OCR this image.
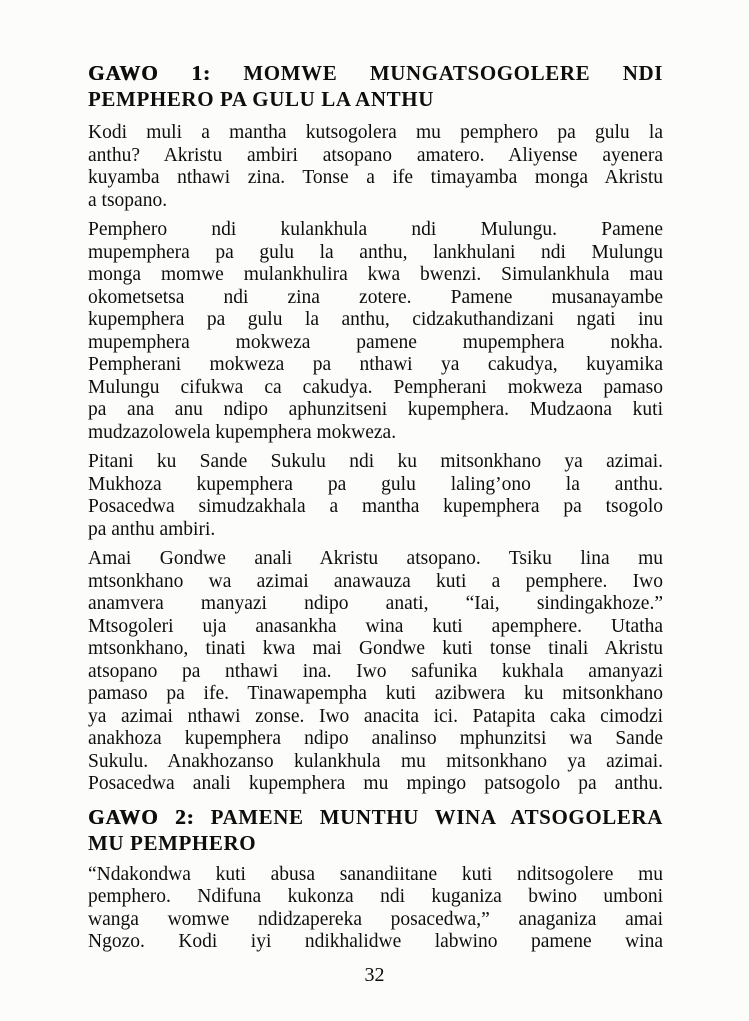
GAWO 1: MOMWE MUNGATSOGOLERE NDI
PEMPHERO PA GULU LA ANTHU
Kodi muli a mantha kutsogolera mu pemphero pa gulu la
anthu? Akristu ambiri atsopano amatero. Aliyense ayenera
kuyamba nthawi zina. Tonse a ife timayamba monga Akristu
a tsopano.
Pemphero ndi kulankhula ndi Mulungu. Pamene
mupemphera pa gulu la anthu, lankhulani ndi Mulungu
monga momwe mulankhulira kwa bwenzi. Simulankhula mau
okometsetsa ndi zina zotere. Pamene musanayambe
kupemphera pa gulu la anthu, cidzakuthandizani ngati inu
mupemphera mokweza pamene mupemphera nokha.
Pempherani mokweza pa nthawi ya cakudya, kuyamika
Mulungu cifukwa ca cakudya. Pempherani mokweza pamaso
pa ana anu ndipo aphunzitseni kupemphera. Mudzaona kuti
mudzazolowela kupemphera mokweza.
Pitani ku Sande Sukulu ndi ku mitsonkhano ya azimai.
Mukhoza kupemphera pa gulu laling’ono la anthu.
Posacedwa simudzakhala a mantha kupemphera pa tsogolo
pa anthu ambiri.
Amai Gondwe anali Akristu atsopano. Tsiku lina mu
mtsonkhano wa azimai anawauza kuti a pemphere. Iwo
anamvera manyazi ndipo anati, “Iai, sindingakhoze.”
Mtsogoleri uja anasankha wina kuti apemphere. Utatha
mtsonkhano, tinati kwa mai Gondwe kuti tonse tinali Akristu
atsopano pa nthawi ina. Iwo safunika kukhala amanyazi
pamaso pa ife. Tinawapempha kuti azibwera ku mitsonkhano
ya azimai nthawi zonse. Iwo anacita ici. Patapita caka cimodzi
anakhoza kupemphera ndipo analinso mphunzitsi wa Sande
Sukulu. Anakhozanso kulankhula mu mitsonkhano ya azimai.
Posacedwa anali kupemphera mu mpingo patsogolo pa anthu.
GAWO 2: PAMENE MUNTHU WINA ATSOGOLERA
MU PEMPHERO
“Ndakondwa kuti abusa sanandiitane kuti nditsogolere mu
pemphero. Ndifuna kukonza ndi kuganiza bwino umboni
wanga womwe ndidzapereka posacedwa,” anaganiza amai
Ngozo. Kodi iyi ndikhalidwe labwino pamene wina
32
